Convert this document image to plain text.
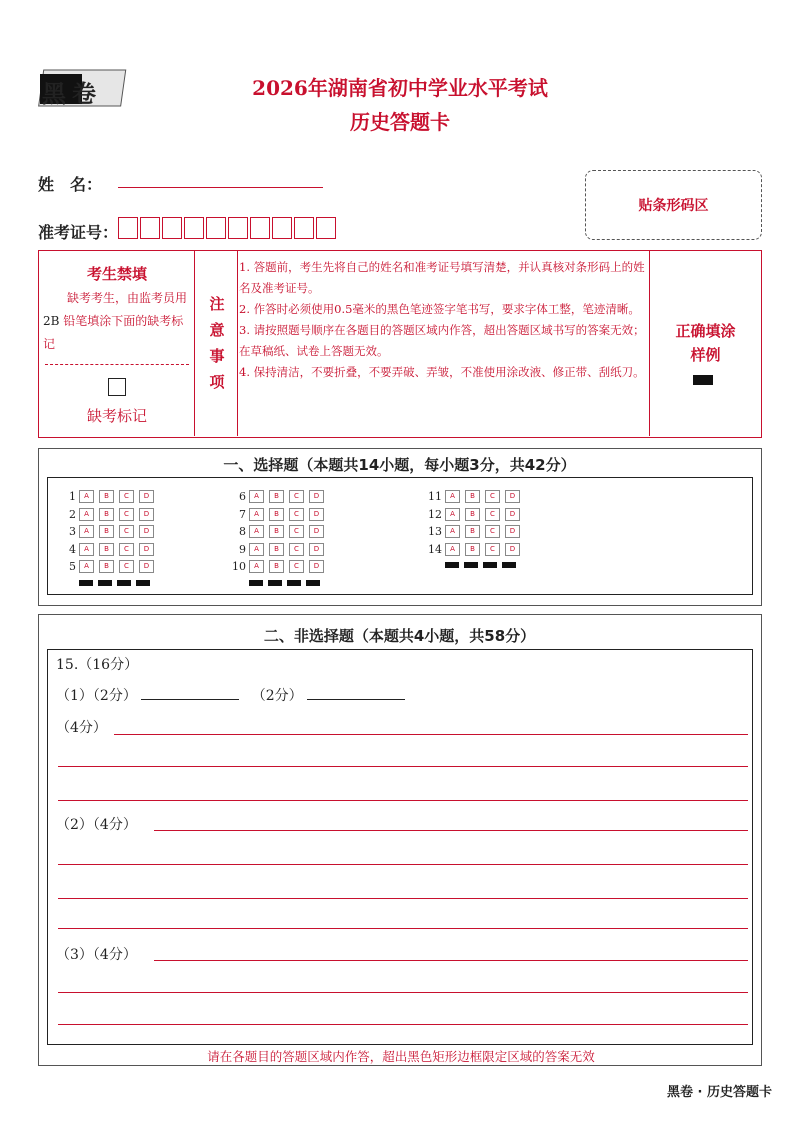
黑卷	2026年湖南省初中学业水平考试
历史答题卡
姓　名：
准考证号：
贴条形码区
考生禁填
缺考考生，由监考员用
2B 铅笔填涂下面的缺考标
记
缺考标记
注
意
事
项
1. 答题前，考生先将自己的姓名和准考证号填写清楚，并认真核对条形码上的姓名及准考证号。
2. 作答时必须使用0.5毫米的黑色笔迹签字笔书写，要求字体工整，笔迹清晰。
3. 请按照题号顺序在各题目的答题区域内作答，超出答题区域书写的答案无效；在草稿纸、试卷上答题无效。
4. 保持清洁，不要折叠，不要弄破、弄皱，不准使用涂改液、修正带、刮纸刀。
正确填涂
样例
一、选择题（本题共14小题，每小题3分，共42分）
1	A	B	C	D
2	A	B	C	D
3	A	B	C	D
4	A	B	C	D
5	A	B	C	D
6	A	B	C	D
7	A	B	C	D
8	A	B	C	D
9	A	B	C	D
10	A	B	C	D
11	A	B	C	D
12	A	B	C	D
13	A	B	C	D
14	A	B	C	D
二、非选择题（本题共4小题，共58分）
15.（16分）
（1）（2分）	（2分）
（4分）
（2）（4分）
（3）（4分）
请在各题目的答题区域内作答，超出黑色矩形边框限定区域的答案无效
黑卷 · 历史答题卡
